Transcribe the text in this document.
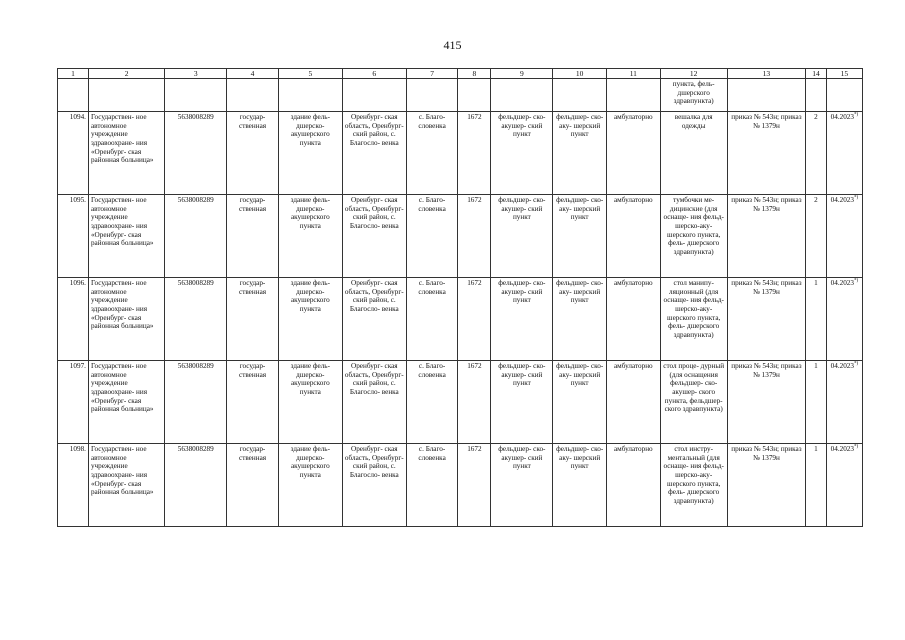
415
1	2	3	4	5	6	7	8	9	10	11	12	13	14	15
											пункта, фель- дшерского здравпункта)			
1094.	Государствен- ное автономное учреждение здравоохране- ния «Оренбург- ская районная больница»	5638008289	государ- ственная	здание фель- дшерско- акушерского пункта	Оренбург- ская область, Оренбург- ский район, с. Благосло- венка	с. Благо- словенка	1672	фельдшер- ско-акушер- ский пункт	фельдшер- ско-аку- шерский пункт	амбулаторно	вешалка для одежды	приказ № 543н; приказ № 1379н	2	04.2023*)
1095.	Государствен- ное автономное учреждение здравоохране- ния «Оренбург- ская районная больница»	5638008289	государ- ственная	здание фель- дшерско- акушерского пункта	Оренбург- ская область, Оренбург- ский район, с. Благосло- венка	с. Благо- словенка	1672	фельдшер- ско-акушер- ский пункт	фельдшер- ско-аку- шерский пункт	амбулаторно	тумбочки ме- дицинские (для оснаще- ния фельд- шерско-аку- шерского пункта, фель- дшерского здравпункта)	приказ № 543н; приказ № 1379н	2	04.2023*)
1096.	Государствен- ное автономное учреждение здравоохране- ния «Оренбург- ская районная больница»	5638008289	государ- ственная	здание фель- дшерско- акушерского пункта	Оренбург- ская область, Оренбург- ский район, с. Благосло- венка	с. Благо- словенка	1672	фельдшер- ско-акушер- ский пункт	фельдшер- ско-аку- шерский пункт	амбулаторно	стол манипу- ляционный (для оснаще- ния фельд- шерско-аку- шерского пункта, фель- дшерского здравпункта)	приказ № 543н; приказ № 1379н	1	04.2023*)
1097.	Государствен- ное автономное учреждение здравоохране- ния «Оренбург- ская районная больница»	5638008289	государ- ственная	здание фель- дшерско- акушерского пункта	Оренбург- ская область, Оренбург- ский район, с. Благосло- венка	с. Благо- словенка	1672	фельдшер- ско-акушер- ский пункт	фельдшер- ско-аку- шерский пункт	амбулаторно	стол проце- дурный (для оснащения фельдшер- ско-акушер- ского пункта, фельдшер- ского здравпункта)	приказ № 543н; приказ № 1379н	1	04.2023*)
1098.	Государствен- ное автономное учреждение здравоохране- ния «Оренбург- ская районная больница»	5638008289	государ- ственная	здание фель- дшерско- акушерского пункта	Оренбург- ская область, Оренбург- ский район, с. Благосло- венка	с. Благо- словенка	1672	фельдшер- ско-акушер- ский пункт	фельдшер- ско-аку- шерский пункт	амбулаторно	стол инстру- ментальный (для оснаще- ния фельд- шерско-аку- шерского пункта, фель- дшерского здравпункта)	приказ № 543н; приказ № 1379н	1	04.2023*)
